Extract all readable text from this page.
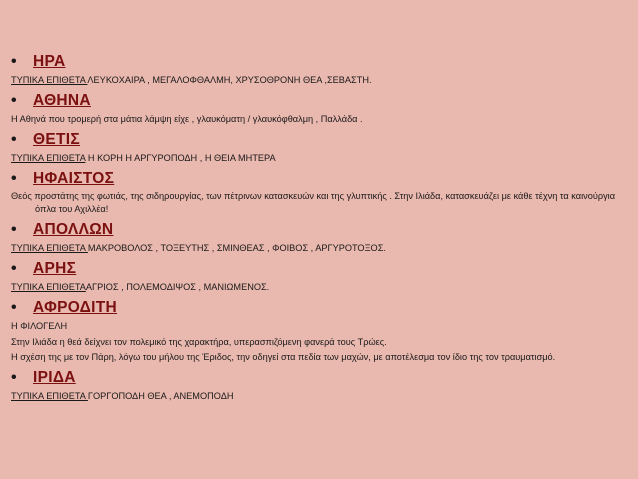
•	ΗΡΑ
ΤΥΠΙΚΑ ΕΠΙΘΕΤΑ ΛΕΥΚΟΧΑΙΡΑ , ΜΕΓΑΛΟΦΘΑΛΜΗ, ΧΡΥΣΟΘΡΟΝΗ ΘΕΑ ,ΣΕΒΑΣΤΗ.
•	ΑΘΗΝΑ
Η Αθηνά που τρομερή στα μάτια λάμψη είχε , γλαυκόματη / γλαυκόφθαλμη , Παλλάδα .
•	ΘΕΤΙΣ
ΤΥΠΙΚΑ ΕΠΙΘΕΤΑ Η ΚΟΡΗ Η ΑΡΓΥΡΟΠΟΔΗ , Η ΘΕΙΑ ΜΗΤΕΡΑ
•	ΗΦΑΙΣΤΟΣ
Θεός προστάτης της φωτιάς, της σιδηρουργίας, των πέτρινων κατασκευών και της γλυπτικής . Στην Ιλιάδα, κατασκευάζει με κάθε τέχνη τα καινούργια όπλα του Αχιλλέα!
•	ΑΠΟΛΛΩΝ
ΤΥΠΙΚΑ ΕΠΙΘΕΤΑ ΜΑΚΡΟΒΟΛΟΣ , ΤΟΞΕΥΤΗΣ , ΣΜΙΝΘΕΑΣ , ΦΟΙΒΟΣ , ΑΡΓΥΡΟΤΟΞΟΣ.
•	ΑΡΗΣ
ΤΥΠΙΚΑ ΕΠΙΘΕΤΑΑΓΡΙΟΣ , ΠΟΛΕΜΟΔΙΨΟΣ , ΜΑΝΙΩΜΕΝΟΣ.
•	ΑΦΡΟΔΙΤΗ
Η ΦΙΛΟΓΕΛΗ
Στην Ιλιάδα η θεά δείχνει τον πολεμικό της χαρακτήρα, υπερασπιζόμενη φανερά τους Τρώες.
Η σχέση της με τον Πάρη, λόγω του μήλου της Έριδος, την οδηγεί στα πεδία των μαχών, με αποτέλεσμα τον ίδιο της τον τραυματισμό.
•	ΙΡΙΔΑ
ΤΥΠΙΚΑ ΕΠΙΘΕΤΑ ΓΟΡΓΟΠΟΔΗ ΘΕΑ , ΑΝΕΜΟΠΟΔΗ
